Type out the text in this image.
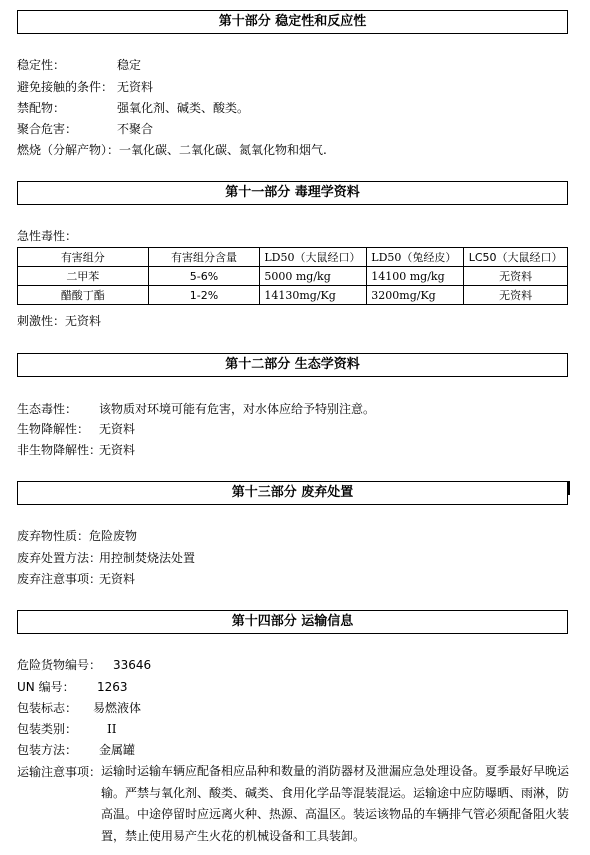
第十部分 稳定性和反应性
稳定性：	稳定
避免接触的条件： 无资料
禁配物：	强氧化剂、碱类、酸类。
聚合危害：	不聚合
燃烧（分解产物）： 一氧化碳、二氧化碳、氮氧化物和烟气.
第十一部分 毒理学资料
急性毒性：
有害组分	有害组分含量	LD50（大鼠经口）	LD50（兔经皮）	LC50（大鼠经口）
二甲苯	5-6%	5000 mg/kg	14100 mg/kg	无资料
醋酸丁酯	1-2%	14130mg/Kg	3200mg/Kg	无资料
刺激性：无资料
第十二部分 生态学资料
生态毒性： 该物质对环境可能有危害，对水体应给予特别注意。
生物降解性： 无资料
非生物降解性：
无资料
第十三部分 废弃处置
废弃物性质： 危险废物
废弃处置方法：
用控制焚烧法处置
废弃注意事项：
无资料
第十四部分 运输信息
危险货物编号： 33646
UN 编号： 1263
包装标志： 易燃液体
包装类别： II
包装方法： 金属罐
运输注意事项： 运输时运输车辆应配备相应品种和数量的消防器材及泄漏应急处理设备。夏季最好早晚运
输。严禁与氧化剂、酸类、碱类、食用化学品等混装混运。运输途中应防曝晒、雨淋，防
高温。中途停留时应远离火种、热源、高温区。装运该物品的车辆排气管必须配备阻火装
置，禁止使用易产生火花的机械设备和工具装卸。
